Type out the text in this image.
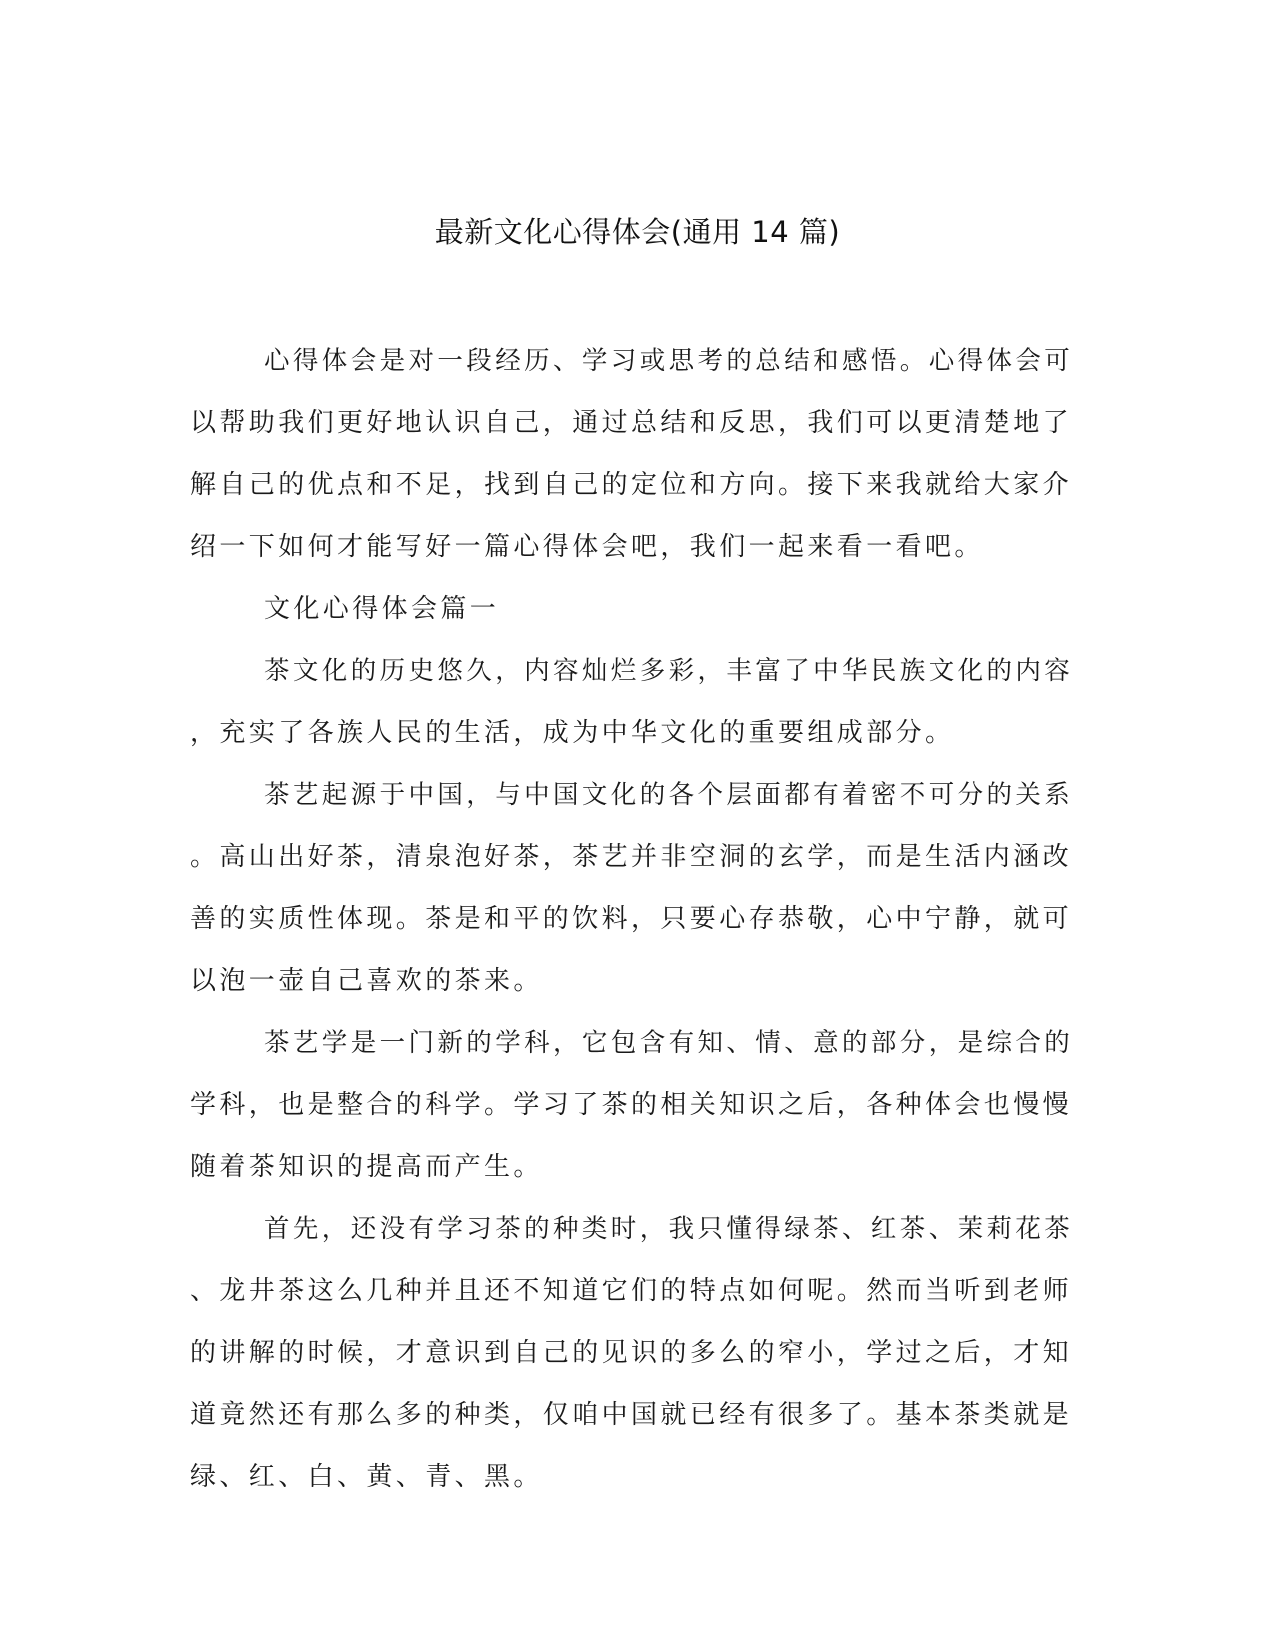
最新文化心得体会(通用 14 篇)

心得体会是对一段经历、学习或思考的总结和感悟。心得体会可

以帮助我们更好地认识自己，通过总结和反思，我们可以更清楚地了

解自己的优点和不足，找到自己的定位和方向。接下来我就给大家介

绍一下如何才能写好一篇心得体会吧，我们一起来看一看吧。

文化心得体会篇一

茶文化的历史悠久，内容灿烂多彩，丰富了中华民族文化的内容

，充实了各族人民的生活，成为中华文化的重要组成部分。

茶艺起源于中国，与中国文化的各个层面都有着密不可分的关系

。高山出好茶，清泉泡好茶，茶艺并非空洞的玄学，而是生活内涵改

善的实质性体现。茶是和平的饮料，只要心存恭敬，心中宁静，就可

以泡一壶自己喜欢的茶来。

茶艺学是一门新的学科，它包含有知、情、意的部分，是综合的

学科，也是整合的科学。学习了茶的相关知识之后，各种体会也慢慢

随着茶知识的提高而产生。

首先，还没有学习茶的种类时，我只懂得绿茶、红茶、茉莉花茶

、龙井茶这么几种并且还不知道它们的特点如何呢。然而当听到老师

的讲解的时候，才意识到自己的见识的多么的窄小，学过之后，才知

道竟然还有那么多的种类，仅咱中国就已经有很多了。基本茶类就是

绿、红、白、黄、青、黑。
